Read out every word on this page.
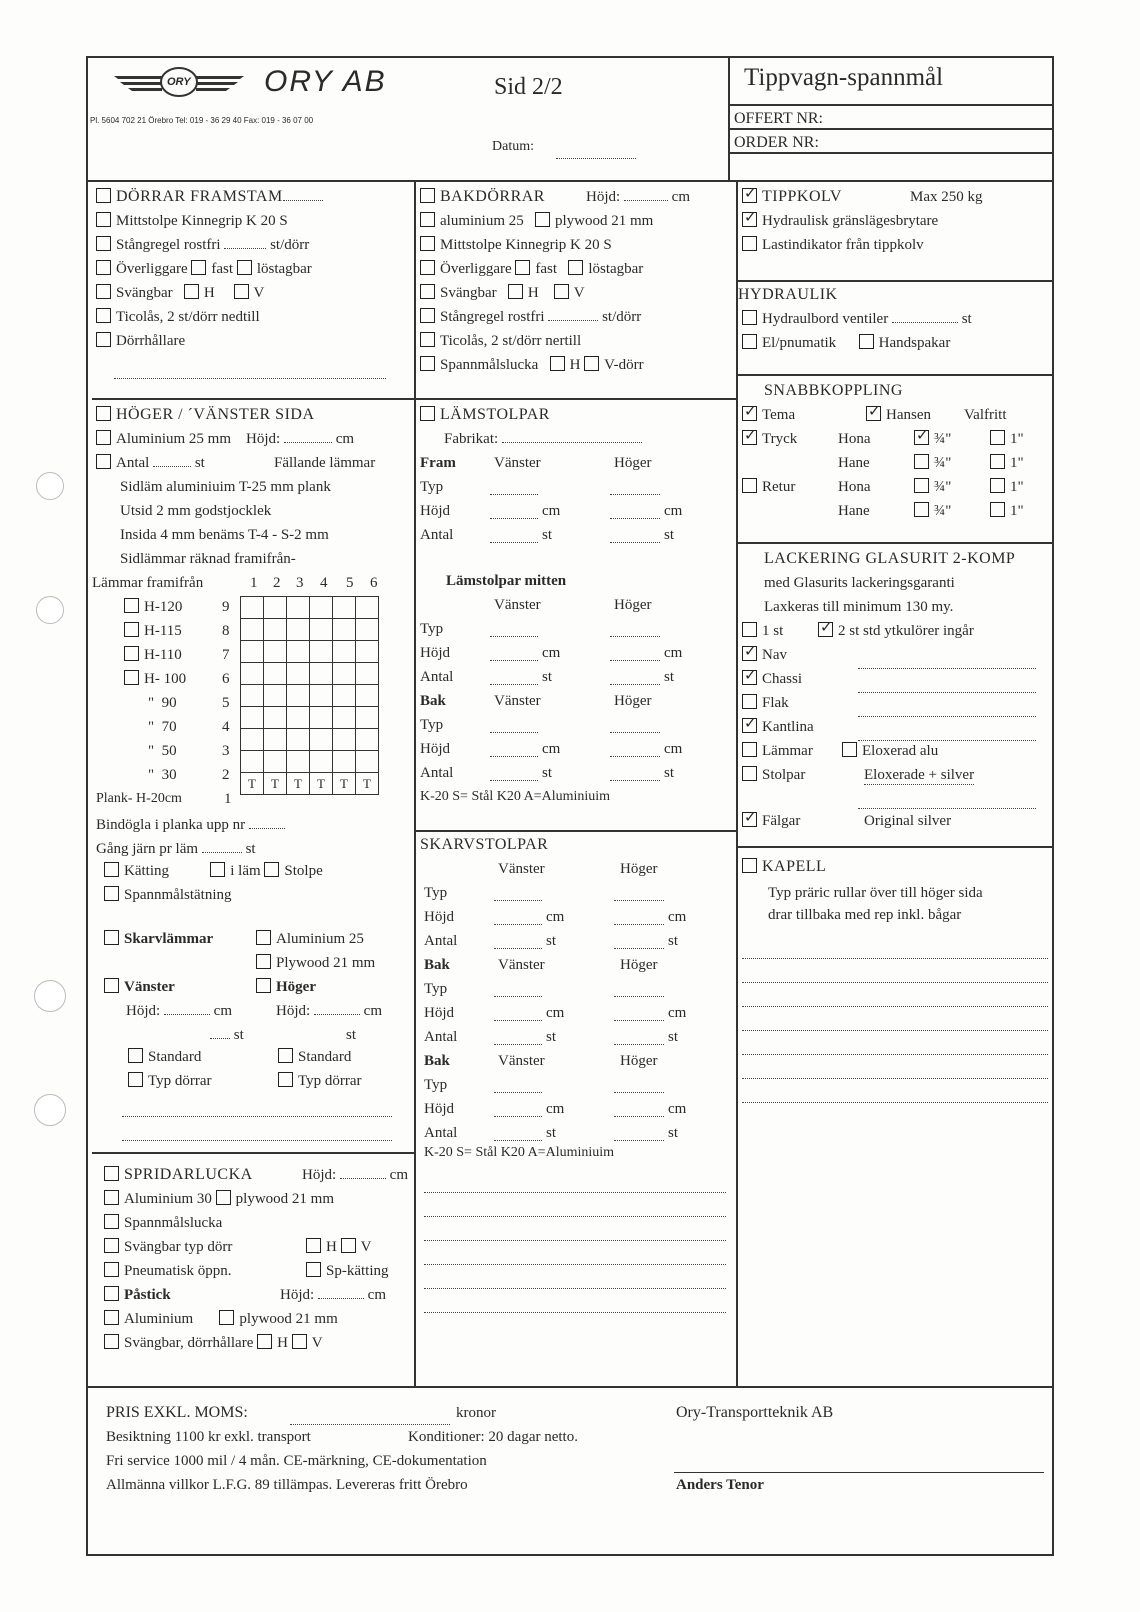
ORY ORY AB
Pl. 5604 702 21 Örebro Tel: 019 - 36 29 40 Fax: 019 - 36 07 00
Sid 2/2
Datum:
Tippvagn-spannmål
OFFERT NR:
ORDER NR:
DÖRRAR FRAMSTAM
Mittstolpe Kinnegrip K 20 S
Stångregel rostfri	st/dörr
Överliggare fast löstagbar
Svängbar H	V
Ticolås, 2 st/dörr nedtill
Dörrhållare
HÖGER / ´VÄNSTER SIDA
Aluminium 25 mm Höjd:	cm
Antal	st	Fällande lämmar
Sidläm aluminiuim T-25 mm plank
Utsid 2 mm godstjocklek
Insida 4 mm benäms T-4 - S-2 mm
Sidlämmar räknad framifrån-
Lämmar framifrån	1 2 3 4 5 6
H-120	9
H-115	8
H-110	7
H- 100 6
"  90	5
"  70	4
"  50	3
"  30	2
Plank- H-20cm	1

T	T	T	T	T	T
Bindögla i planka upp nr
Gång järn pr läm	st
Kätting	i läm Stolpe
Spannmålstätning
Skarvlämmar	Aluminium 25
Plywood 21 mm
Vänster	Höger
Höjd:	cm	Höjd:	cm
st	st
Standard	Standard
Typ dörrar	Typ dörrar
SPRIDARLUCKA	Höjd:	cm
Aluminium 30 plywood 21 mm
Spannmålslucka
Svängbar typ dörr	H V
Pneumatisk öppn.	Sp-kätting
Påstick	Höjd:	cm
Aluminium	plywood 21 mm
Svängbar, dörrhållare H V
BAKDÖRRAR	Höjd:	cm
aluminium 25 plywood 21 mm
Mittstolpe Kinnegrip K 20 S
Överliggare fast löstagbar
Svängbar H V
Stångregel rostfri	st/dörr
Ticolås, 2 st/dörr nertill
Spannmålslucka H V-dörr
LÄMSTOLPAR
Fabrikat:
Fram	Vänster	Höger
Typ
Höjd	cm	cm
Antal	st	st
Lämstolpar mitten
Vänster	Höger
Typ
Höjd	cm	cm
Antal	st	st
Bak	Vänster	Höger
Typ
Höjd	cm	cm
Antal	st	st
K-20 S= Stål K20 A=Aluminiuim
SKARVSTOLPAR
Vänster	Höger
Typ
Höjd	cm	cm
Antal	st	st
Bak	Vänster	Höger
Typ
Höjd	cm	cm
Antal	st	st
Bak	Vänster	Höger
Typ
Höjd	cm	cm
Antal	st	st
K-20 S= Stål K20 A=Aluminiuim
✓TIPPKOLV	Max 250 kg
✓Hydraulisk gränslägesbrytare
Lastindikator från tippkolv
HYDRAULIK
Hydraulbord ventiler	st
El/pnumatik	Handspakar
SNABBKOPPLING
✓Tema ✓	Hansen Valfritt
✓Tryck	Hona ✓	¾"	1"
Hane	¾"	1"
Retur	Hona	¾"	1"
Hane	¾"	1"
LACKERING GLASURIT 2-KOMP
med Glasurits lackeringsgaranti
Laxkeras till minimum 130 my.
1 st ✓	2 st std ytkulörer ingår
✓Nav
✓Chassi
Flak
✓Kantlina
Lämmar	Eloxerad alu
Stolpar	Eloxerade + silver
✓Fälgar	Original silver
KAPELL
Typ präric rullar över till höger sida
drar tillbaka med rep inkl. bågar
PRIS EXKL. MOMS:	kronor	Ory-Transportteknik AB
Besiktning 1100 kr exkl. transport	Konditioner: 20 dagar netto.
Fri service 1000 mil / 4 mån. CE-märkning, CE-dokumentation
Allmänna villkor L.F.G. 89 tillämpas. Levereras fritt Örebro	Anders Tenor
